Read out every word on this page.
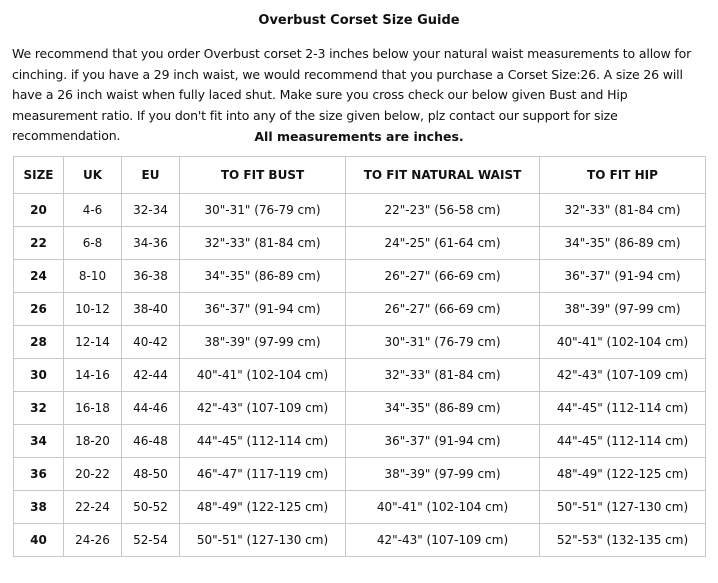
Overbust Corset Size Guide
We recommend that you order Overbust corset 2-3 inches below your natural waist measurements to allow for cinching. if you have a 29 inch waist, we would recommend that you purchase a Corset Size:26. A size 26 will have a 26 inch waist when fully laced shut. Make sure you cross check our below given Bust and Hip measurement ratio. If you don't fit into any of the size given below, plz contact our support for size recommendation.	All measurements are inches.
SIZE	UK	EU	TO FIT BUST	TO FIT NATURAL WAIST	TO FIT HIP
20	4-6	32-34	30"-31" (76-79 cm)	22"-23" (56-58 cm)	32"-33" (81-84 cm)
22	6-8	34-36	32"-33" (81-84 cm)	24"-25" (61-64 cm)	34"-35" (86-89 cm)
24	8-10	36-38	34"-35" (86-89 cm)	26"-27" (66-69 cm)	36"-37" (91-94 cm)
26	10-12	38-40	36"-37" (91-94 cm)	26"-27" (66-69 cm)	38"-39" (97-99 cm)
28	12-14	40-42	38"-39" (97-99 cm)	30"-31" (76-79 cm)	40"-41" (102-104 cm)
30	14-16	42-44	40"-41" (102-104 cm)	32"-33" (81-84 cm)	42"-43" (107-109 cm)
32	16-18	44-46	42"-43" (107-109 cm)	34"-35" (86-89 cm)	44"-45" (112-114 cm)
34	18-20	46-48	44"-45" (112-114 cm)	36"-37" (91-94 cm)	44"-45" (112-114 cm)
36	20-22	48-50	46"-47" (117-119 cm)	38"-39" (97-99 cm)	48"-49" (122-125 cm)
38	22-24	50-52	48"-49" (122-125 cm)	40"-41" (102-104 cm)	50"-51" (127-130 cm)
40	24-26	52-54	50"-51" (127-130 cm)	42"-43" (107-109 cm)	52"-53" (132-135 cm)
